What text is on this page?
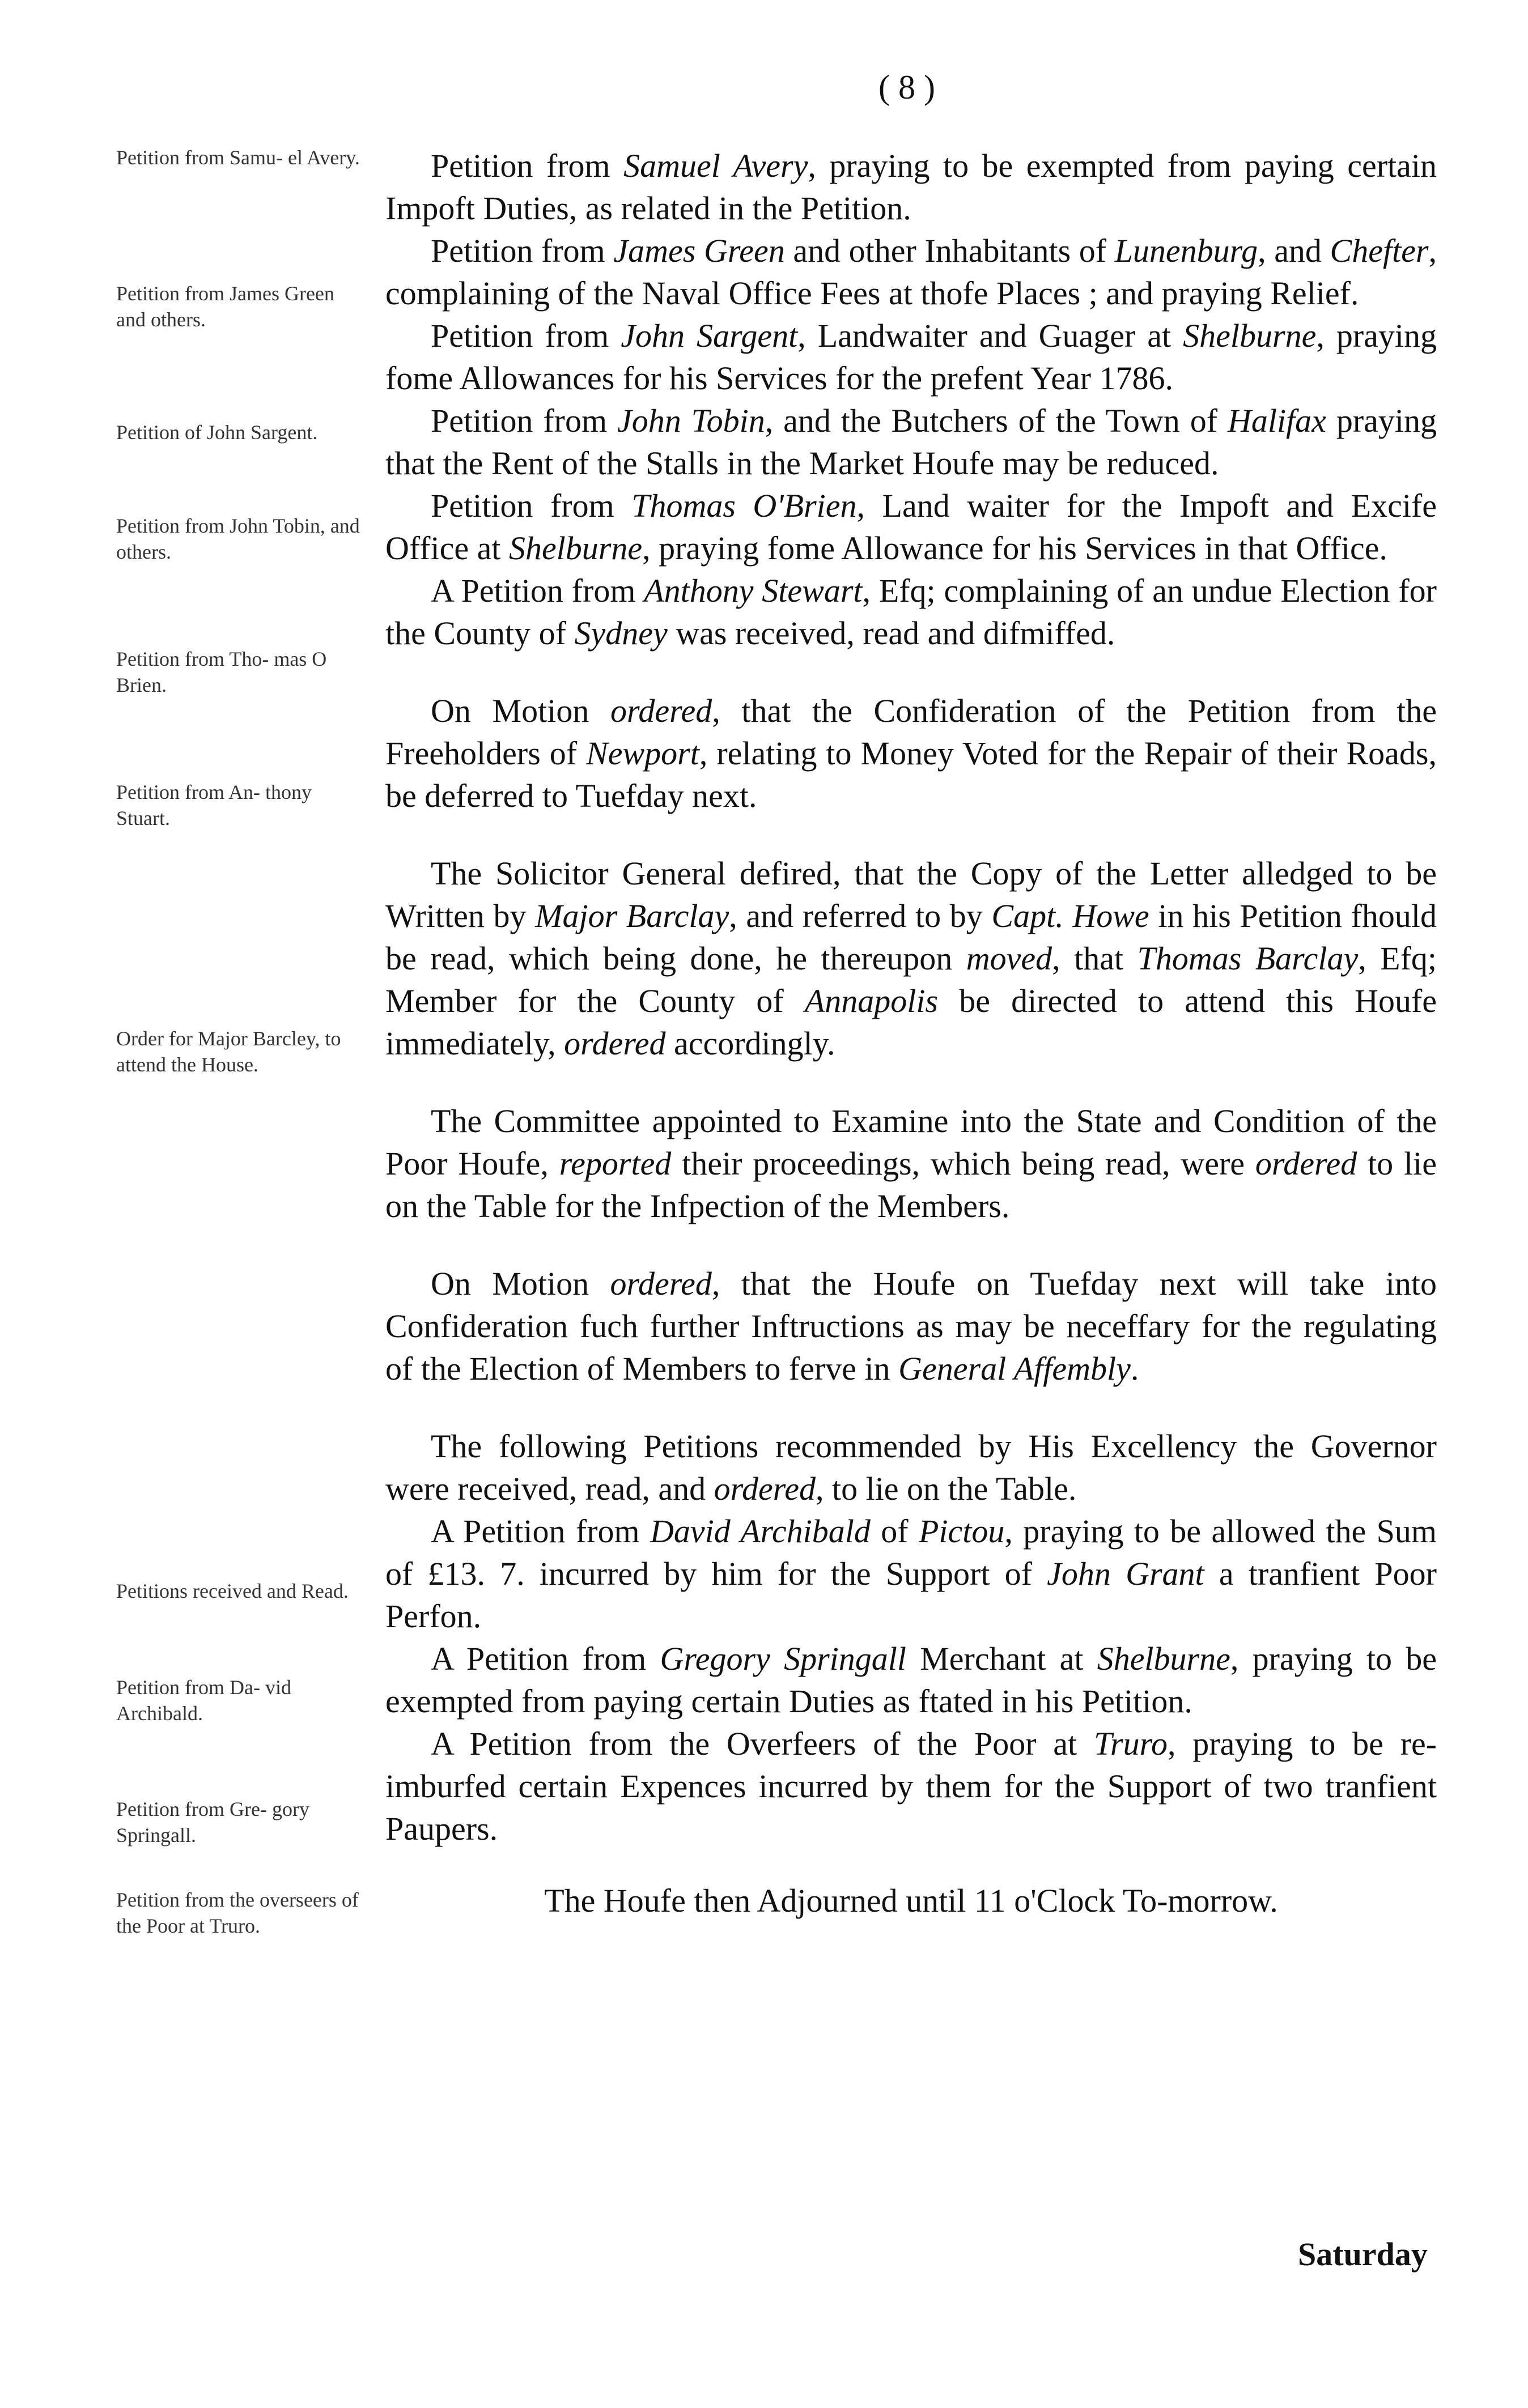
( 8 )
Petition from Samu- el Avery.
Petition from James Green and others.
Petition of John Sargent.
Petition from John Tobin, and others.
Petition from Tho- mas O Brien.
Petition from An- thony Stuart.
Order for Major Barcley, to attend the House.
Petitions received and Read.
Petition from Da- vid Archibald.
Petition from Gre- gory Springall.
Petition from the overseers of the Poor at Truro.

Petition from Samuel Avery, praying to be exempted from paying certain Impoft Duties, as related in the Petition.

Petition from James Green and other Inhabitants of Lunenburg, and Chefter, complaining of the Naval Office Fees at thofe Places ; and praying Relief.

Petition from John Sargent, Landwaiter and Guager at Shelburne, praying fome Allowances for his Services for the prefent Year 1786.

Petition from John Tobin, and the Butchers of the Town of Halifax praying that the Rent of the Stalls in the Market Houfe may be reduced.

Petition from Thomas O'Brien, Land waiter for the Impoft and Excife Office at Shelburne, praying fome Allowance for his Services in that Office.

A Petition from Anthony Stewart, Efq; complaining of an undue Election for the County of Sydney was received, read and difmiffed.

On Motion ordered, that the Confideration of the Petition from the Freeholders of Newport, relating to Money Voted for the Repair of their Roads, be deferred to Tuefday next.

The Solicitor General defired, that the Copy of the Letter alledged to be Written by Major Barclay, and referred to by Capt. Howe in his Petition fhould be read, which being done, he thereupon moved, that Thomas Barclay, Efq; Member for the County of Annapolis be directed to attend this Houfe immediately, ordered accordingly.

The Committee appointed to Examine into the State and Condition of the Poor Houfe, reported their proceedings, which being read, were ordered to lie on the Table for the Infpection of the Members.

On Motion ordered, that the Houfe on Tuefday next will take into Confideration fuch further Inftructions as may be neceffary for the regulating of the Election of Members to ferve in General Affembly.

The following Petitions recommended by His Excellency the Governor were received, read, and ordered, to lie on the Table.

A Petition from David Archibald of Pictou, praying to be allowed the Sum of £13. 7. incurred by him for the Support of John Grant a tranfient Poor Perfon.

A Petition from Gregory Springall Merchant at Shelburne, praying to be exempted from paying certain Duties as ftated in his Petition.

A Petition from the Overfeers of the Poor at Truro, praying to be re-imburfed certain Expences incurred by them for the Support of two tranfient Paupers.

The Houfe then Adjourned until 11 o'Clock To-morrow.
Saturday
